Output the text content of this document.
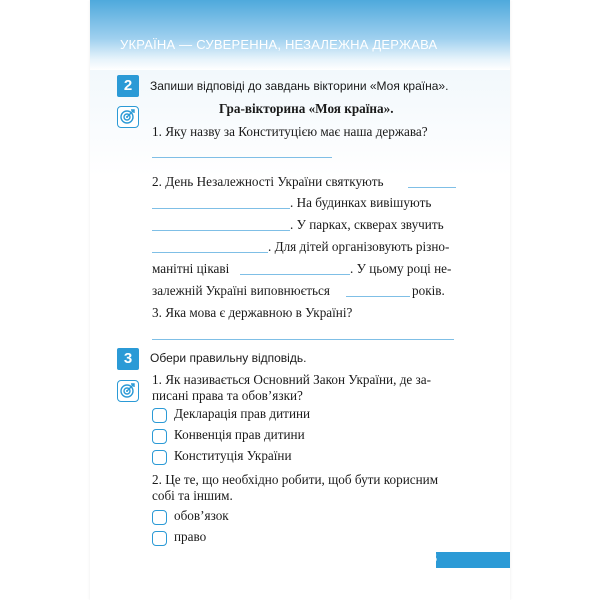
УКРАЇНА — СУВЕРЕННА, НЕЗАЛЕЖНА ДЕРЖАВА
2	Запиши відповіді до завдань вікторини «Моя країна».
Гра-вікторина «Моя країна».
1. Яку назву за Конституцією має наша держава?
2. День Незалежності України святкують
. На будинках вивішують
. У парках, скверах звучить
. Для дітей організовують різно-
манітні цікаві	. У цьому році не-
залежній Україні виповнюється	років.
3. Яка мова є державною в Україні?
3	Обери правильну відповідь.
1. Як називається Основний Закон України, де за-
писані права та обов’язки?
Декларація прав дитини
Конвенція прав дитини
Конституція України
2. Це те, що необхідно робити, щоб бути корисним
собі та іншим.
обов’язок
право
5
